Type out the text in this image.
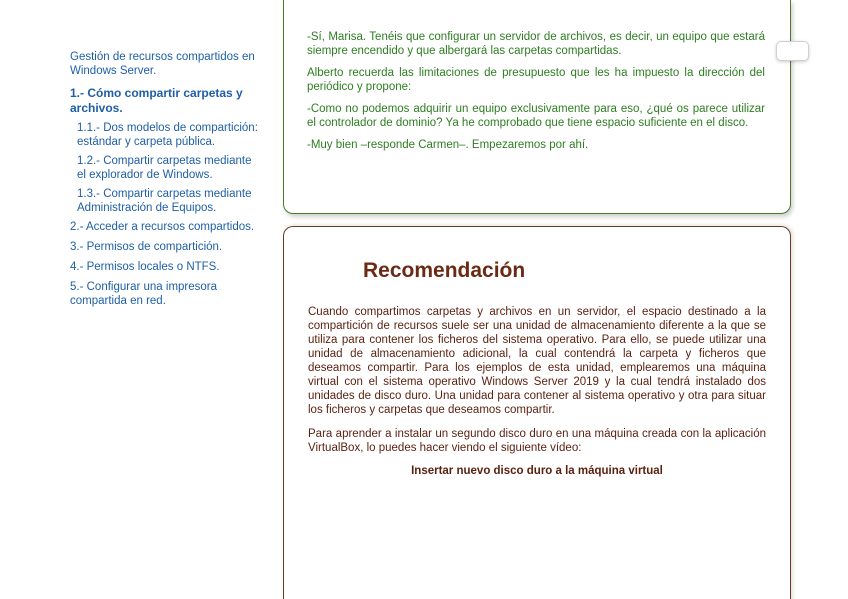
Gestión de recursos compartidos en Windows Server.
1.- Cómo compartir carpetas y archivos.
1.1.- Dos modelos de compartición: estándar y carpeta pública.
1.2.- Compartir carpetas mediante el explorador de Windows.
1.3.- Compartir carpetas mediante Administración de Equipos.
2.- Acceder a recursos compartidos.
3.- Permisos de compartición.
4.- Permisos locales o NTFS.
5.- Configurar una impresora compartida en red.

-Sí, Marisa. Tenéis que configurar un servidor de archivos, es decir, un equipo que estará siempre encendido y que albergará las carpetas compartidas.

Alberto recuerda las limitaciones de presupuesto que les ha impuesto la dirección del periódico y propone:

-Como no podemos adquirir un equipo exclusivamente para eso, ¿qué os parece utilizar el controlador de dominio? Ya he comprobado que tiene espacio suficiente en el disco.

-Muy bien –responde Carmen–. Empezaremos por ahí.

Recomendación

Cuando compartimos carpetas y archivos en un servidor, el espacio destinado a la compartición de recursos suele ser una unidad de almacenamiento diferente a la que se utiliza para contener los ficheros del sistema operativo. Para ello, se puede utilizar una unidad de almacenamiento adicional, la cual contendrá la carpeta y ficheros que deseamos compartir. Para los ejemplos de esta unidad, emplearemos una máquina virtual con el sistema operativo Windows Server 2019 y la cual tendrá instalado dos unidades de disco duro. Una unidad para contener al sistema operativo y otra para situar los ficheros y carpetas que deseamos compartir.

Para aprender a instalar un segundo disco duro en una máquina creada con la aplicación VirtualBox, lo puedes hacer viendo el siguiente vídeo:

Insertar nuevo disco duro a la máquina virtual
